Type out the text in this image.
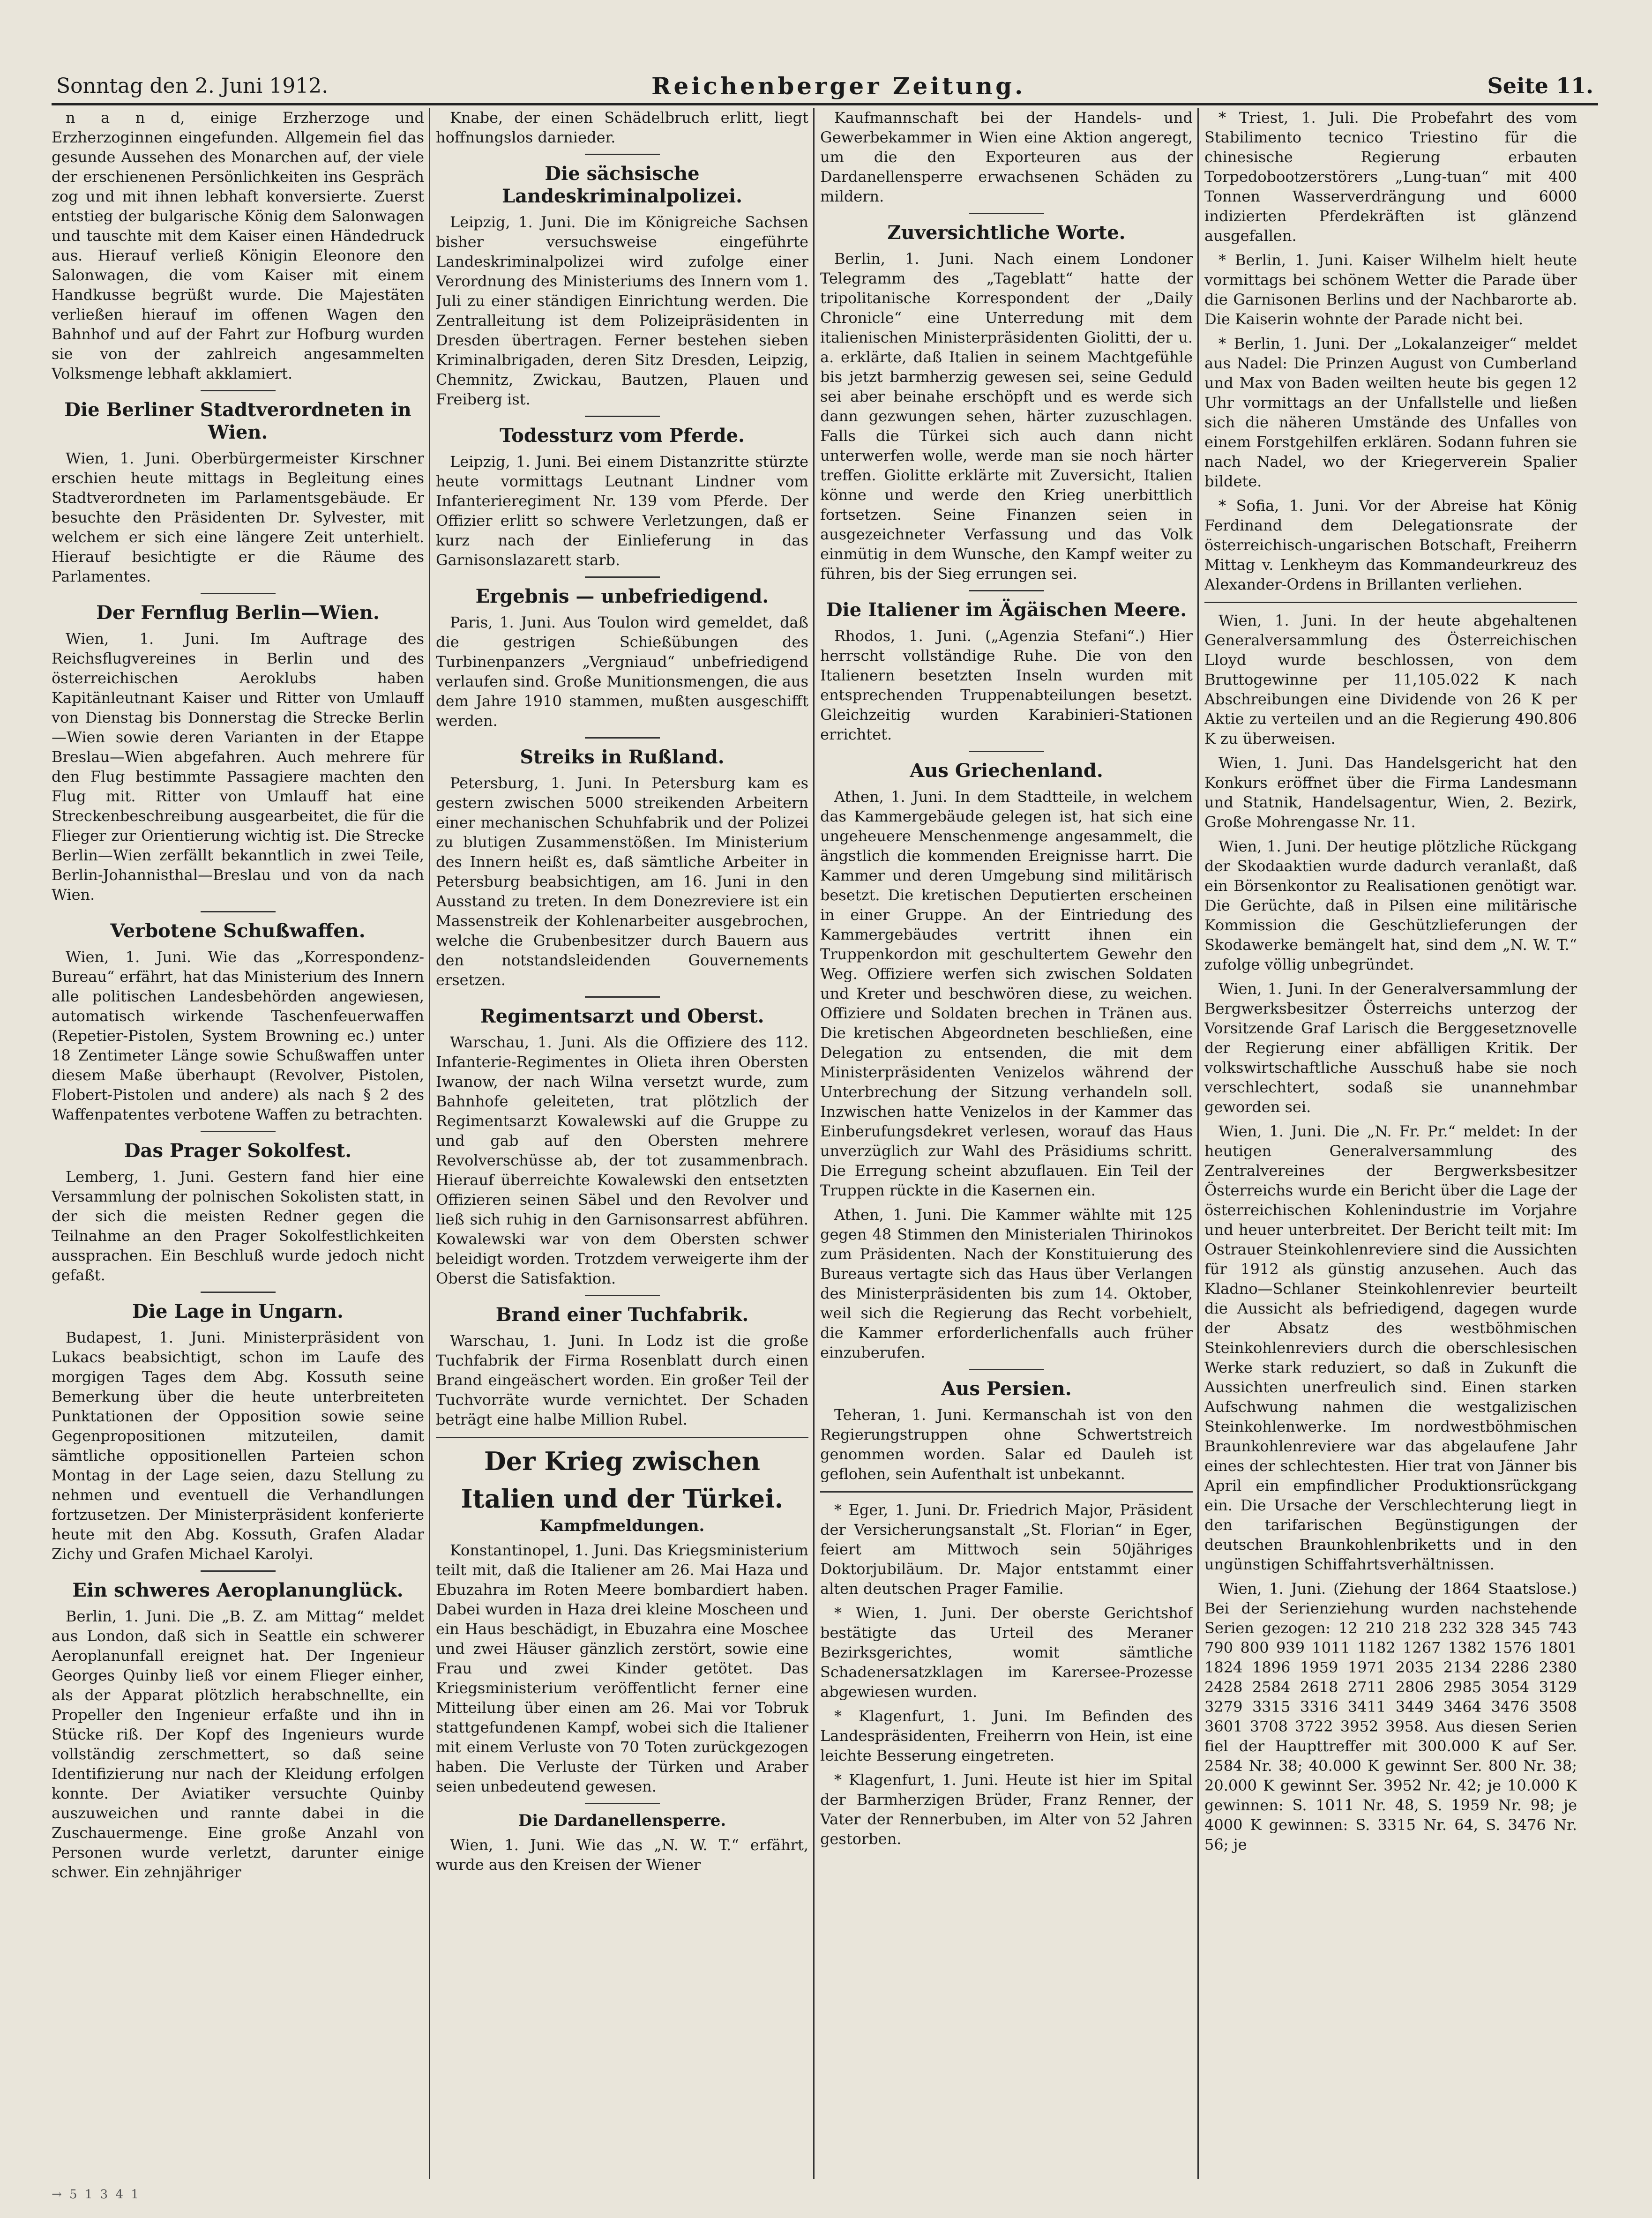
Sonntag den 2. Juni 1912.	Reichenberger Zeitung.	Seite 11.

n a n d, einige Erzherzoge und Erzherzoginnen eingefunden. Allgemein fiel das gesunde Aussehen des Monarchen auf, der viele der erschienenen Persönlichkeiten ins Gespräch zog und mit ihnen lebhaft konversierte. Zuerst entstieg der bulgarische König dem Salonwagen und tauschte mit dem Kaiser einen Händedruck aus. Hierauf verließ Königin Eleonore den Salonwagen, die vom Kaiser mit einem Handkusse begrüßt wurde. Die Majestäten verließen hierauf im offenen Wagen den Bahnhof und auf der Fahrt zur Hofburg wurden sie von der zahlreich angesammelten Volksmenge lebhaft akklamiert.

Die Berliner Stadtverordneten in Wien.

Wien, 1. Juni. Oberbürgermeister Kirschner erschien heute mittags in Begleitung eines Stadtverordneten im Parlamentsgebäude. Er besuchte den Präsidenten Dr. Sylvester, mit welchem er sich eine längere Zeit unterhielt. Hierauf besichtigte er die Räume des Parlamentes.

Der Fernflug Berlin—Wien.

Wien, 1. Juni. Im Auftrage des Reichsflugvereines in Berlin und des österreichischen Aeroklubs haben Kapitänleutnant Kaiser und Ritter von Umlauff von Dienstag bis Donnerstag die Strecke Berlin—Wien sowie deren Varianten in der Etappe Breslau—Wien abgefahren. Auch mehrere für den Flug bestimmte Passagiere machten den Flug mit. Ritter von Umlauff hat eine Streckenbeschreibung ausgearbeitet, die für die Flieger zur Orientierung wichtig ist. Die Strecke Berlin—Wien zerfällt bekanntlich in zwei Teile, Berlin-Johannisthal—Breslau und von da nach Wien.

Verbotene Schußwaffen.

Wien, 1. Juni. Wie das „Korrespondenz-Bureau“ erfährt, hat das Ministerium des Innern alle politischen Landesbehörden angewiesen, automatisch wirkende Taschenfeuerwaffen (Repetier-Pistolen, System Browning ec.) unter 18 Zentimeter Länge sowie Schußwaffen unter diesem Maße überhaupt (Revolver, Pistolen, Flobert-Pistolen und andere) als nach § 2 des Waffenpatentes verbotene Waffen zu betrachten.

Das Prager Sokolfest.

Lemberg, 1. Juni. Gestern fand hier eine Versammlung der polnischen Sokolisten statt, in der sich die meisten Redner gegen die Teilnahme an den Prager Sokolfestlichkeiten aussprachen. Ein Beschluß wurde jedoch nicht gefaßt.

Die Lage in Ungarn.

Budapest, 1. Juni. Ministerpräsident von Lukacs beabsichtigt, schon im Laufe des morgigen Tages dem Abg. Kossuth seine Bemerkung über die heute unterbreiteten Punktationen der Opposition sowie seine Gegenpropositionen mitzuteilen, damit sämtliche oppositionellen Parteien schon Montag in der Lage seien, dazu Stellung zu nehmen und eventuell die Verhandlungen fortzusetzen. Der Ministerpräsident konferierte heute mit den Abg. Kossuth, Grafen Aladar Zichy und Grafen Michael Karolyi.

Ein schweres Aeroplanunglück.

Berlin, 1. Juni. Die „B. Z. am Mittag“ meldet aus London, daß sich in Seattle ein schwerer Aeroplanunfall ereignet hat. Der Ingenieur Georges Quinby ließ vor einem Flieger einher, als der Apparat plötzlich herabschnellte, ein Propeller den Ingenieur erfaßte und ihn in Stücke riß. Der Kopf des Ingenieurs wurde vollständig zerschmettert, so daß seine Identifizierung nur nach der Kleidung erfolgen konnte. Der Aviatiker versuchte Quinby auszuweichen und rannte dabei in die Zuschauermenge. Eine große Anzahl von Personen wurde verletzt, darunter einige schwer. Ein zehnjähriger

Knabe, der einen Schädelbruch erlitt, liegt hoffnungslos darnieder.

Die sächsische Landeskriminalpolizei.

Leipzig, 1. Juni. Die im Königreiche Sachsen bisher versuchsweise eingeführte Landeskriminalpolizei wird zufolge einer Verordnung des Ministeriums des Innern vom 1. Juli zu einer ständigen Einrichtung werden. Die Zentralleitung ist dem Polizeipräsidenten in Dresden übertragen. Ferner bestehen sieben Kriminalbrigaden, deren Sitz Dresden, Leipzig, Chemnitz, Zwickau, Bautzen, Plauen und Freiberg ist.

Todessturz vom Pferde.

Leipzig, 1. Juni. Bei einem Distanzritte stürzte heute vormittags Leutnant Lindner vom Infanterieregiment Nr. 139 vom Pferde. Der Offizier erlitt so schwere Verletzungen, daß er kurz nach der Einlieferung in das Garnisonslazarett starb.

Ergebnis — unbefriedigend.

Paris, 1. Juni. Aus Toulon wird gemeldet, daß die gestrigen Schießübungen des Turbinenpanzers „Vergniaud“ unbefriedigend verlaufen sind. Große Munitionsmengen, die aus dem Jahre 1910 stammen, mußten ausgeschifft werden.

Streiks in Rußland.

Petersburg, 1. Juni. In Petersburg kam es gestern zwischen 5000 streikenden Arbeitern einer mechanischen Schuhfabrik und der Polizei zu blutigen Zusammenstößen. Im Ministerium des Innern heißt es, daß sämtliche Arbeiter in Petersburg beabsichtigen, am 16. Juni in den Ausstand zu treten. In dem Donezreviere ist ein Massenstreik der Kohlenarbeiter ausgebrochen, welche die Grubenbesitzer durch Bauern aus den notstandsleidenden Gouvernements ersetzen.

Regimentsarzt und Oberst.

Warschau, 1. Juni. Als die Offiziere des 112. Infanterie-Regimentes in Olieta ihren Obersten Iwanow, der nach Wilna versetzt wurde, zum Bahnhofe geleiteten, trat plötzlich der Regimentsarzt Kowalewski auf die Gruppe zu und gab auf den Obersten mehrere Revolverschüsse ab, der tot zusammenbrach. Hierauf überreichte Kowalewski den entsetzten Offizieren seinen Säbel und den Revolver und ließ sich ruhig in den Garnisonsarrest abführen. Kowalewski war von dem Obersten schwer beleidigt worden. Trotzdem verweigerte ihm der Oberst die Satisfaktion.

Brand einer Tuchfabrik.

Warschau, 1. Juni. In Lodz ist die große Tuchfabrik der Firma Rosenblatt durch einen Brand eingeäschert worden. Ein großer Teil der Tuchvorräte wurde vernichtet. Der Schaden beträgt eine halbe Million Rubel.

Der Krieg zwischen
Italien und der Türkei.
Kampfmeldungen.

Konstantinopel, 1. Juni. Das Kriegsministerium teilt mit, daß die Italiener am 26. Mai Haza und Ebuzahra im Roten Meere bombardiert haben. Dabei wurden in Haza drei kleine Moscheen und ein Haus beschädigt, in Ebuzahra eine Moschee und zwei Häuser gänzlich zerstört, sowie eine Frau und zwei Kinder getötet. Das Kriegsministerium veröffentlicht ferner eine Mitteilung über einen am 26. Mai vor Tobruk stattgefundenen Kampf, wobei sich die Italiener mit einem Verluste von 70 Toten zurückgezogen haben. Die Verluste der Türken und Araber seien unbedeutend gewesen.

Die Dardanellensperre.

Wien, 1. Juni. Wie das „N. W. T.“ erfährt, wurde aus den Kreisen der Wiener

Kaufmannschaft bei der Handels- und Gewerbekammer in Wien eine Aktion angeregt, um die den Exporteuren aus der Dardanellensperre erwachsenen Schäden zu mildern.

Zuversichtliche Worte.

Berlin, 1. Juni. Nach einem Londoner Telegramm des „Tageblatt“ hatte der tripolitanische Korrespondent der „Daily Chronicle“ eine Unterredung mit dem italienischen Ministerpräsidenten Giolitti, der u. a. erklärte, daß Italien in seinem Machtgefühle bis jetzt barmherzig gewesen sei, seine Geduld sei aber beinahe erschöpft und es werde sich dann gezwungen sehen, härter zuzuschlagen. Falls die Türkei sich auch dann nicht unterwerfen wolle, werde man sie noch härter treffen. Giolitte erklärte mit Zuversicht, Italien könne und werde den Krieg unerbittlich fortsetzen. Seine Finanzen seien in ausgezeichneter Verfassung und das Volk einmütig in dem Wunsche, den Kampf weiter zu führen, bis der Sieg errungen sei.

Die Italiener im Ägäischen Meere.

Rhodos, 1. Juni. („Agenzia Stefani“.) Hier herrscht vollständige Ruhe. Die von den Italienern besetzten Inseln wurden mit entsprechenden Truppenabteilungen besetzt. Gleichzeitig wurden Karabinieri-Stationen errichtet.

Aus Griechenland.

Athen, 1. Juni. In dem Stadtteile, in welchem das Kammergebäude gelegen ist, hat sich eine ungeheuere Menschenmenge angesammelt, die ängstlich die kommenden Ereignisse harrt. Die Kammer und deren Umgebung sind militärisch besetzt. Die kretischen Deputierten erscheinen in einer Gruppe. An der Eintriedung des Kammergebäudes vertritt ihnen ein Truppenkordon mit geschultertem Gewehr den Weg. Offiziere werfen sich zwischen Soldaten und Kreter und beschwören diese, zu weichen. Offiziere und Soldaten brechen in Tränen aus. Die kretischen Abgeordneten beschließen, eine Delegation zu entsenden, die mit dem Ministerpräsidenten Venizelos während der Unterbrechung der Sitzung verhandeln soll. Inzwischen hatte Venizelos in der Kammer das Einberufungsdekret verlesen, worauf das Haus unverzüglich zur Wahl des Präsidiums schritt. Die Erregung scheint abzuflauen. Ein Teil der Truppen rückte in die Kasernen ein.

Athen, 1. Juni. Die Kammer wählte mit 125 gegen 48 Stimmen den Ministerialen Thirinokos zum Präsidenten. Nach der Konstituierung des Bureaus vertagte sich das Haus über Verlangen des Ministerpräsidenten bis zum 14. Oktober, weil sich die Regierung das Recht vorbehielt, die Kammer erforderlichenfalls auch früher einzuberufen.

Aus Persien.

Teheran, 1. Juni. Kermanschah ist von den Regierungstruppen ohne Schwertstreich genommen worden. Salar ed Dauleh ist geflohen, sein Aufenthalt ist unbekannt.

* Eger, 1. Juni. Dr. Friedrich Major, Präsident der Versicherungsanstalt „St. Florian“ in Eger, feiert am Mittwoch sein 50jähriges Doktorjubiläum. Dr. Major entstammt einer alten deutschen Prager Familie.

* Wien, 1. Juni. Der oberste Gerichtshof bestätigte das Urteil des Meraner Bezirksgerichtes, womit sämtliche Schadenersatzklagen im Karersee-Prozesse abgewiesen wurden.

* Klagenfurt, 1. Juni. Im Befinden des Landespräsidenten, Freiherrn von Hein, ist eine leichte Besserung eingetreten.

* Klagenfurt, 1. Juni. Heute ist hier im Spital der Barmherzigen Brüder, Franz Renner, der Vater der Rennerbuben, im Alter von 52 Jahren gestorben.

* Triest, 1. Juli. Die Probefahrt des vom Stabilimento tecnico Triestino für die chinesische Regierung erbauten Torpedobootzerstörers „Lung-tuan“ mit 400 Tonnen Wasserverdrängung und 6000 indizierten Pferdekräften ist glänzend ausgefallen.

* Berlin, 1. Juni. Kaiser Wilhelm hielt heute vormittags bei schönem Wetter die Parade über die Garnisonen Berlins und der Nachbarorte ab. Die Kaiserin wohnte der Parade nicht bei.

* Berlin, 1. Juni. Der „Lokalanzeiger“ meldet aus Nadel: Die Prinzen August von Cumberland und Max von Baden weilten heute bis gegen 12 Uhr vormittags an der Unfallstelle und ließen sich die näheren Umstände des Unfalles von einem Forstgehilfen erklären. Sodann fuhren sie nach Nadel, wo der Kriegerverein Spalier bildete.

* Sofia, 1. Juni. Vor der Abreise hat König Ferdinand dem Delegationsrate der österreichisch-ungarischen Botschaft, Freiherrn Mittag v. Lenkheym das Kommandeurkreuz des Alexander-Ordens in Brillanten verliehen.

Wien, 1. Juni. In der heute abgehaltenen Generalversammlung des Österreichischen Lloyd wurde beschlossen, von dem Bruttogewinne per 11,105.022 K nach Abschreibungen eine Dividende von 26 K per Aktie zu verteilen und an die Regierung 490.806 K zu überweisen.

Wien, 1. Juni. Das Handelsgericht hat den Konkurs eröffnet über die Firma Landesmann und Statnik, Handelsagentur, Wien, 2. Bezirk, Große Mohrengasse Nr. 11.

Wien, 1. Juni. Der heutige plötzliche Rückgang der Skodaaktien wurde dadurch veranlaßt, daß ein Börsenkontor zu Realisationen genötigt war. Die Gerüchte, daß in Pilsen eine militärische Kommission die Geschützlieferungen der Skodawerke bemängelt hat, sind dem „N. W. T.“ zufolge völlig unbegründet.

Wien, 1. Juni. In der Generalversammlung der Bergwerksbesitzer Österreichs unterzog der Vorsitzende Graf Larisch die Berggesetznovelle der Regierung einer abfälligen Kritik. Der volkswirtschaftliche Ausschuß habe sie noch verschlechtert, sodaß sie unannehmbar geworden sei.

Wien, 1. Juni. Die „N. Fr. Pr.“ meldet: In der heutigen Generalversammlung des Zentralvereines der Bergwerksbesitzer Österreichs wurde ein Bericht über die Lage der österreichischen Kohlenindustrie im Vorjahre und heuer unterbreitet. Der Bericht teilt mit: Im Ostrauer Steinkohlenreviere sind die Aussichten für 1912 als günstig anzusehen. Auch das Kladno—Schlaner Steinkohlenrevier beurteilt die Aussicht als befriedigend, dagegen wurde der Absatz des westböhmischen Steinkohlenreviers durch die oberschlesischen Werke stark reduziert, so daß in Zukunft die Aussichten unerfreulich sind. Einen starken Aufschwung nahmen die westgalizischen Steinkohlenwerke. Im nordwestböhmischen Braunkohlenreviere war das abgelaufene Jahr eines der schlechtesten. Hier trat von Jänner bis April ein empfindlicher Produktionsrückgang ein. Die Ursache der Verschlechterung liegt in den tarifarischen Begünstigungen der deutschen Braunkohlenbriketts und in den ungünstigen Schiffahrtsverhältnissen.

Wien, 1. Juni. (Ziehung der 1864 Staatslose.) Bei der Serienziehung wurden nachstehende Serien gezogen: 12 210 218 232 328 345 743 790 800 939 1011 1182 1267 1382 1576 1801 1824 1896 1959 1971 2035 2134 2286 2380 2428 2584 2618 2711 2806 2985 3054 3129 3279 3315 3316 3411 3449 3464 3476 3508 3601 3708 3722 3952 3958. Aus diesen Serien fiel der Haupttreffer mit 300.000 K auf Ser. 2584 Nr. 38; 40.000 K gewinnt Ser. 800 Nr. 38; 20.000 K gewinnt Ser. 3952 Nr. 42; je 10.000 K gewinnen: S. 1011 Nr. 48, S. 1959 Nr. 98; je 4000 K gewinnen: S. 3315 Nr. 64, S. 3476 Nr. 56; je

→ 5 1 3 4 1
